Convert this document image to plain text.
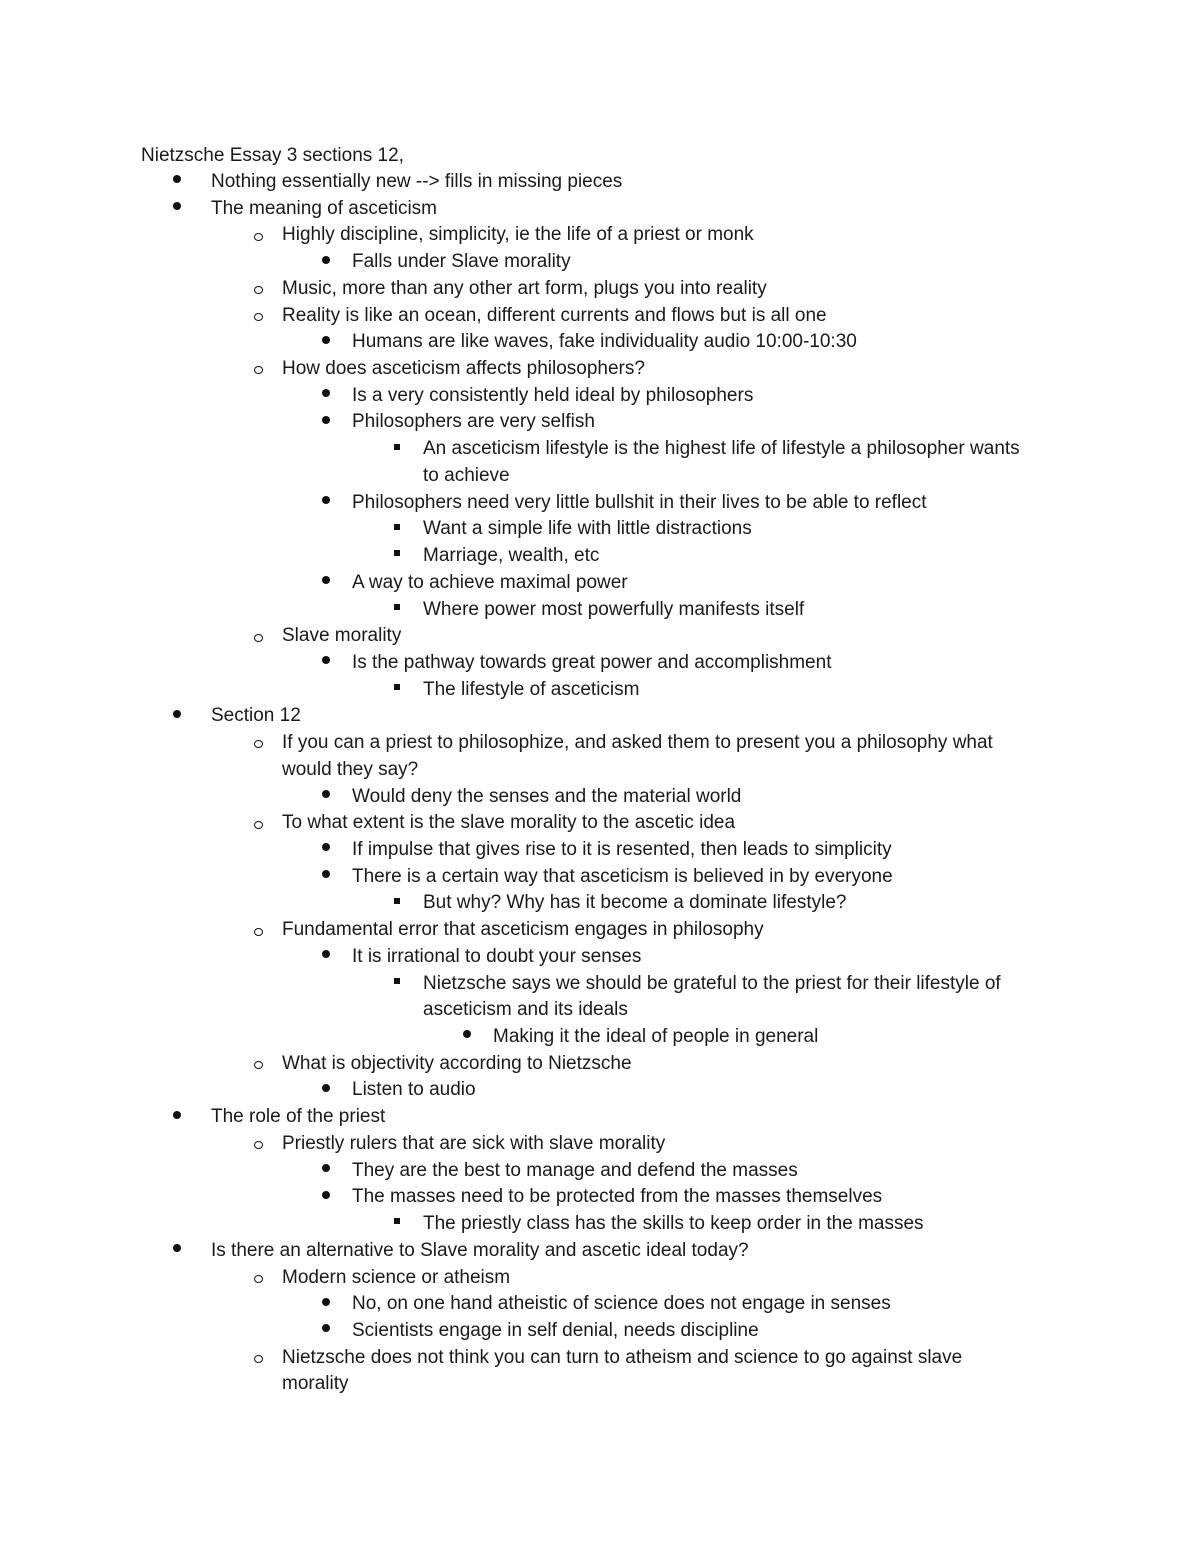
Nietzsche Essay 3 sections 12,
Nothing essentially new --> fills in missing pieces
The meaning of asceticism
Highly discipline, simplicity, ie the life of a priest or monk
Falls under Slave morality
Music, more than any other art form, plugs you into reality
Reality is like an ocean, different currents and flows but is all one
Humans are like waves, fake individuality audio 10:00-10:30
How does asceticism affects philosophers?
Is a very consistently held ideal by philosophers
Philosophers are very selfish
An asceticism lifestyle is the highest life of lifestyle a philosopher wants
to achieve
Philosophers need very little bullshit in their lives to be able to reflect
Want a simple life with little distractions
Marriage, wealth, etc
A way to achieve maximal power
Where power most powerfully manifests itself
Slave morality
Is the pathway towards great power and accomplishment
The lifestyle of asceticism
Section 12
If you can a priest to philosophize, and asked them to present you a philosophy what
would they say?
Would deny the senses and the material world
To what extent is the slave morality to the ascetic idea
If impulse that gives rise to it is resented, then leads to simplicity
There is a certain way that asceticism is believed in by everyone
But why? Why has it become a dominate lifestyle?
Fundamental error that asceticism engages in philosophy
It is irrational to doubt your senses
Nietzsche says we should be grateful to the priest for their lifestyle of
asceticism and its ideals
Making it the ideal of people in general
What is objectivity according to Nietzsche
Listen to audio
The role of the priest
Priestly rulers that are sick with slave morality
They are the best to manage and defend the masses
The masses need to be protected from the masses themselves
The priestly class has the skills to keep order in the masses
Is there an alternative to Slave morality and ascetic ideal today?
Modern science or atheism
No, on one hand atheistic of science does not engage in senses
Scientists engage in self denial, needs discipline
Nietzsche does not think you can turn to atheism and science to go against slave
morality
